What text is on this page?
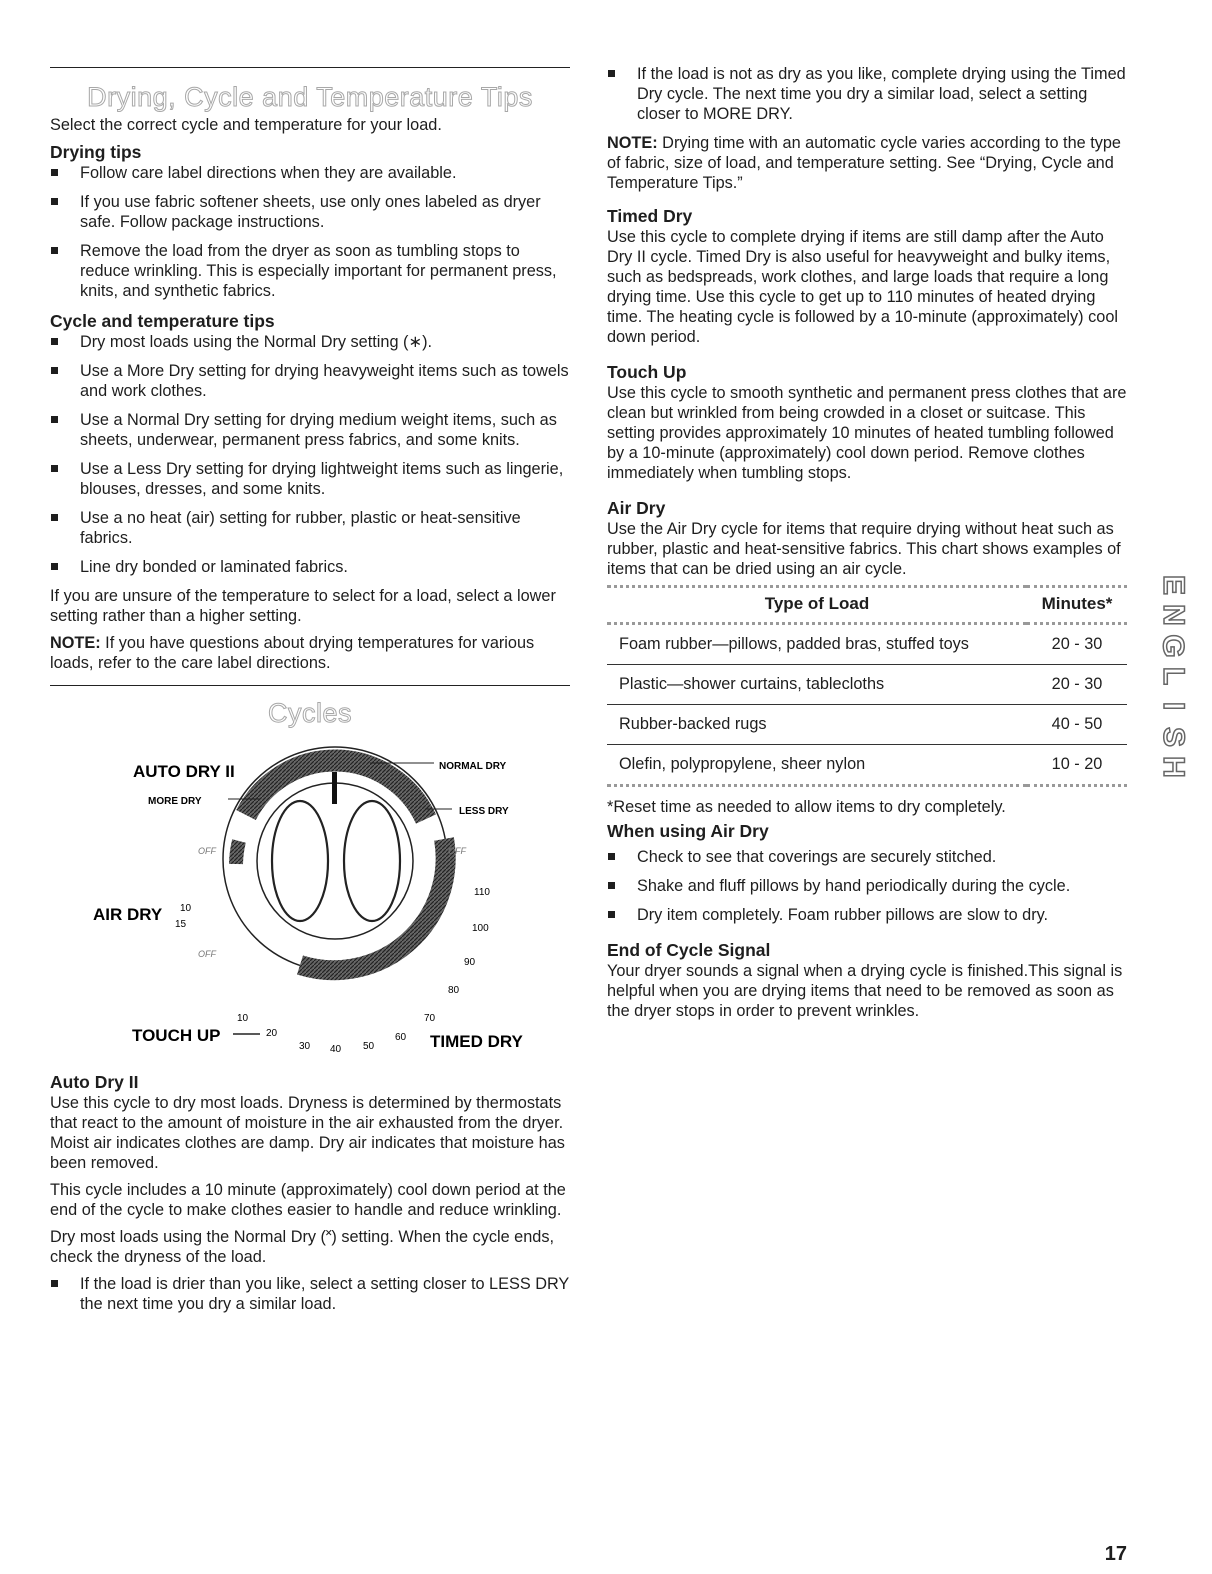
Drying, Cycle and Temperature Tips

Select the correct cycle and temperature for your load.

Drying tips
Follow care label directions when they are available.
If you use fabric softener sheets, use only ones labeled as dryer safe. Follow package instructions.
Remove the load from the dryer as soon as tumbling stops to reduce wrinkling. This is especially important for permanent press, knits, and synthetic fabrics.
Cycle and temperature tips
Dry most loads using the Normal Dry setting (∗).
Use a More Dry setting for drying heavyweight items such as towels and work clothes.
Use a Normal Dry setting for drying medium weight items, such as sheets, underwear, permanent press fabrics, and some knits.
Use a Less Dry setting for drying lightweight items such as lingerie, blouses, dresses, and some knits.
Use a no heat (air) setting for rubber, plastic or heat-sensitive fabrics.
Line dry bonded or laminated fabrics.

If you are unsure of the temperature to select for a load, select a lower setting rather than a higher setting.

NOTE: If you have questions about drying temperatures for various loads, refer to the care label directions.

Cycles
AUTO DRY II
MORE DRY
NORMAL DRY
LESS DRY
OFF	OFF
OFF
AIR DRY 10
15
110
100
90
80
70
60
50
40
30
20
10
TOUCH UP	TIMED DRY
Auto Dry II

Use this cycle to dry most loads. Dryness is determined by thermostats that react to the amount of moisture in the air exhausted from the dryer. Moist air indicates clothes are damp. Dry air indicates that moisture has been removed.

This cycle includes a 10 minute (approximately) cool down period at the end of the cycle to make clothes easier to handle and reduce wrinkling.

Dry most loads using the Normal Dry (˟) setting. When the cycle ends, check the dryness of the load.

If the load is drier than you like, select a setting closer to LESS DRY the next time you dry a similar load.
If the load is not as dry as you like, complete drying using the Timed Dry cycle. The next time you dry a similar load, select a setting closer to MORE DRY.

NOTE: Drying time with an automatic cycle varies according to the type of fabric, size of load, and temperature setting. See “Drying, Cycle and Temperature Tips.”

Timed Dry

Use this cycle to complete drying if items are still damp after the Auto Dry II cycle. Timed Dry is also useful for heavyweight and bulky items, such as bedspreads, work clothes, and large loads that require a long drying time. Use this cycle to get up to 110 minutes of heated drying time. The heating cycle is followed by a 10-minute (approximately) cool down period.

Touch Up

Use this cycle to smooth synthetic and permanent press clothes that are clean but wrinkled from being crowded in a closet or suitcase. This setting provides approximately 10 minutes of heated tumbling followed by a 10-minute (approximately) cool down period. Remove clothes immediately when tumbling stops.

Air Dry

Use the Air Dry cycle for items that require drying without heat such as rubber, plastic and heat-sensitive fabrics. This chart shows examples of items that can be dried using an air cycle.

Type of Load	Minutes*
Foam rubber—pillows, padded bras, stuffed toys	20 - 30
Plastic—shower curtains, tablecloths	20 - 30
Rubber-backed rugs	40 - 50
Olefin, polypropylene, sheer nylon	10 - 20

*Reset time as needed to allow items to dry completely.

When using Air Dry
Check to see that coverings are securely stitched.
Shake and fluff pillows by hand periodically during the cycle.
Dry item completely. Foam rubber pillows are slow to dry.
End of Cycle Signal

Your dryer sounds a signal when a drying cycle is finished.This signal is helpful when you are drying items that need to be removed as soon as the dryer stops in order to prevent wrinkles.

E
N
G
L
I
S
H
17
